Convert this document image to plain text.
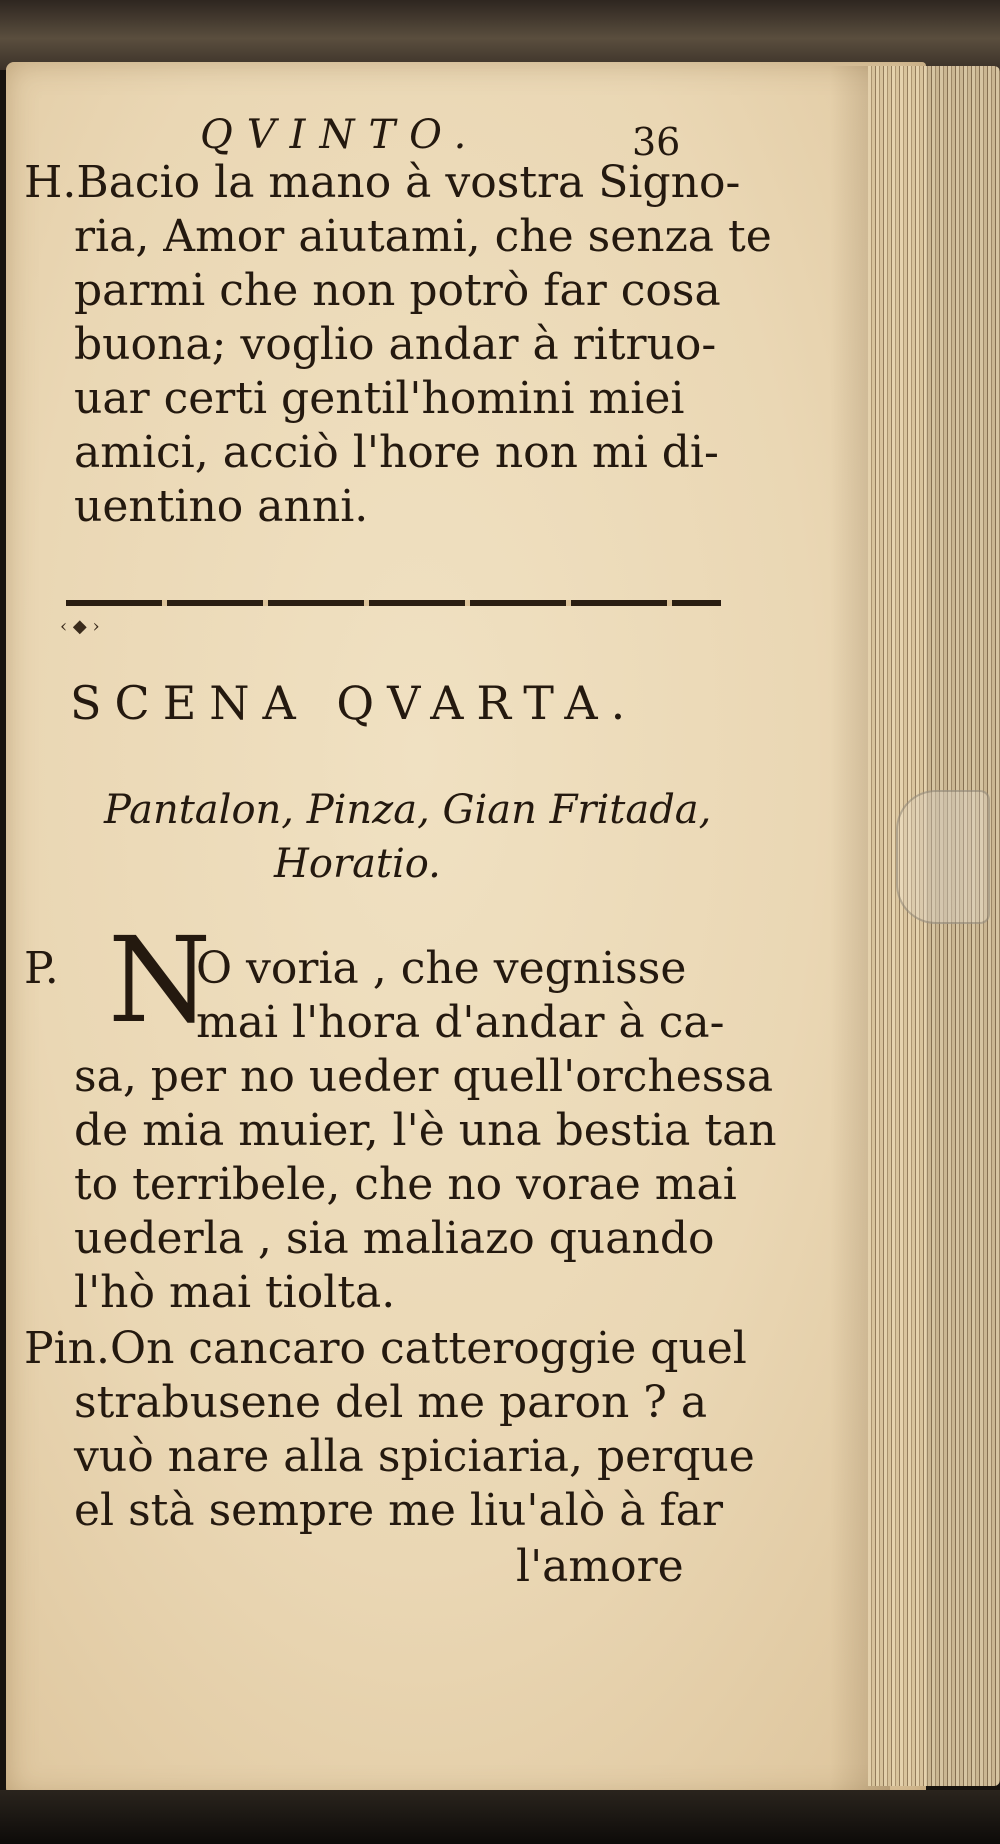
QVINTO.	36
H.Bacio la mano à vostra Signo-
ria, Amor aiutami, che senza te
parmi che non potrò far cosa
buona; voglio andar à ritruo-
uar certi gentil'homini miei
amici, acciò l'hore non mi di-
uentino anni.
‹ ◆ ›
SCENA QVARTA.
Pantalon, Pinza, Gian Fritada,
Horatio.
P. N
O voria , che vegnisse
mai l'hora d'andar à ca-
sa, per no ueder quell'orchessa
de mia muier, l'è una bestia tan
to terribele, che no vorae mai
uederla , sia maliazo quando
l'hò mai tiolta.
Pin.On cancaro catteroggie quel
strabusene del me paron ? a
vuò nare alla spiciaria, perque
el stà sempre me liu'alò à far
l'amore
